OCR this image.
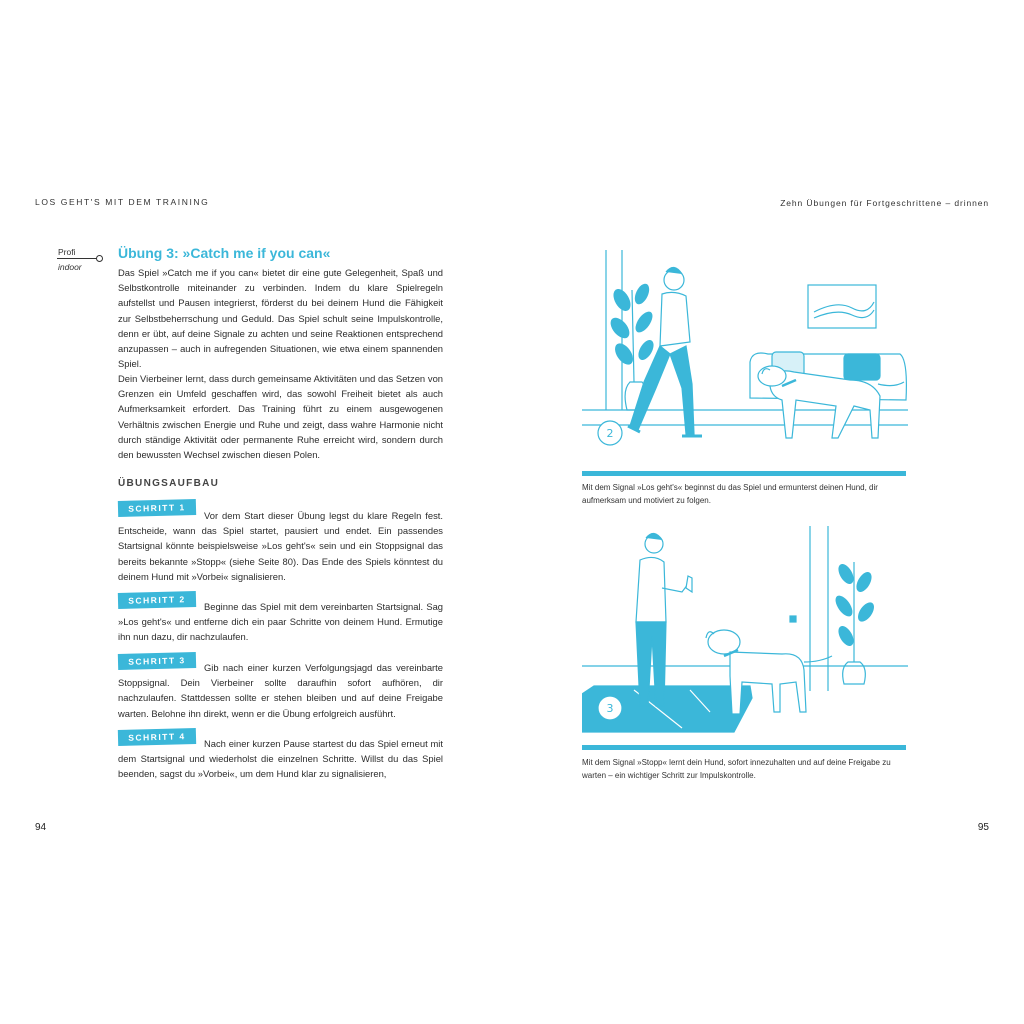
LOS GEHT'S MIT DEM TRAINING	Zehn Übungen für Fortgeschrittene – drinnen
Profi
indoor
Übung 3: »Catch me if you can«
Das Spiel »Catch me if you can« bietet dir eine gute Gelegenheit, Spaß und Selbstkontrolle miteinander zu verbinden. Indem du klare Spielregeln aufstellst und Pausen integrierst, förderst du bei deinem Hund die Fähigkeit zur Selbstbeherrschung und Geduld. Das Spiel schult seine Impulskontrolle, denn er übt, auf deine Signale zu achten und seine Reaktionen entsprechend anzupassen – auch in aufregenden Situationen, wie etwa einem spannenden Spiel.
Dein Vierbeiner lernt, dass durch gemeinsame Aktivitäten und das Setzen von Grenzen ein Umfeld geschaffen wird, das sowohl Freiheit bietet als auch Aufmerksamkeit erfordert. Das Training führt zu einem ausgewogenen Verhältnis zwischen Energie und Ruhe und zeigt, dass wahre Harmonie nicht durch ständige Aktivität oder permanente Ruhe erreicht wird, sondern durch den bewussten Wechsel zwischen diesen Polen.
ÜBUNGSAUFBAU
SCHRITT 1
Vor dem Start dieser Übung legst du klare Regeln fest. Entscheide, wann das Spiel startet, pausiert und endet. Ein passendes Startsignal könnte beispielsweise »Los geht's« sein und ein Stoppsignal das bereits bekannte »Stopp« (siehe Seite 80). Das Ende des Spiels könntest du deinem Hund mit »Vorbei« signalisieren.
SCHRITT 2
Beginne das Spiel mit dem vereinbarten Startsignal. Sag »Los geht's« und entferne dich ein paar Schritte von deinem Hund. Ermutige ihn nun dazu, dir nachzulaufen.
SCHRITT 3
Gib nach einer kurzen Verfolgungsjagd das vereinbarte Stoppsignal. Dein Vierbeiner sollte daraufhin sofort aufhören, dir nachzulaufen. Stattdessen sollte er stehen bleiben und auf deine Freigabe warten. Belohne ihn direkt, wenn er die Übung erfolgreich ausführt.
SCHRITT 4
Nach einer kurzen Pause startest du das Spiel erneut mit dem Startsignal und wiederholst die einzelnen Schritte. Willst du das Spiel beenden, sagst du »Vorbei«, um dem Hund klar zu signalisieren,
94	95
2
Mit dem Signal »Los geht's« beginnst du das Spiel und ermunterst deinen Hund, dir aufmerksam und motiviert zu folgen.
3
Mit dem Signal »Stopp« lernt dein Hund, sofort innezuhalten und auf deine Freigabe zu warten – ein wichtiger Schritt zur Impulskontrolle.
